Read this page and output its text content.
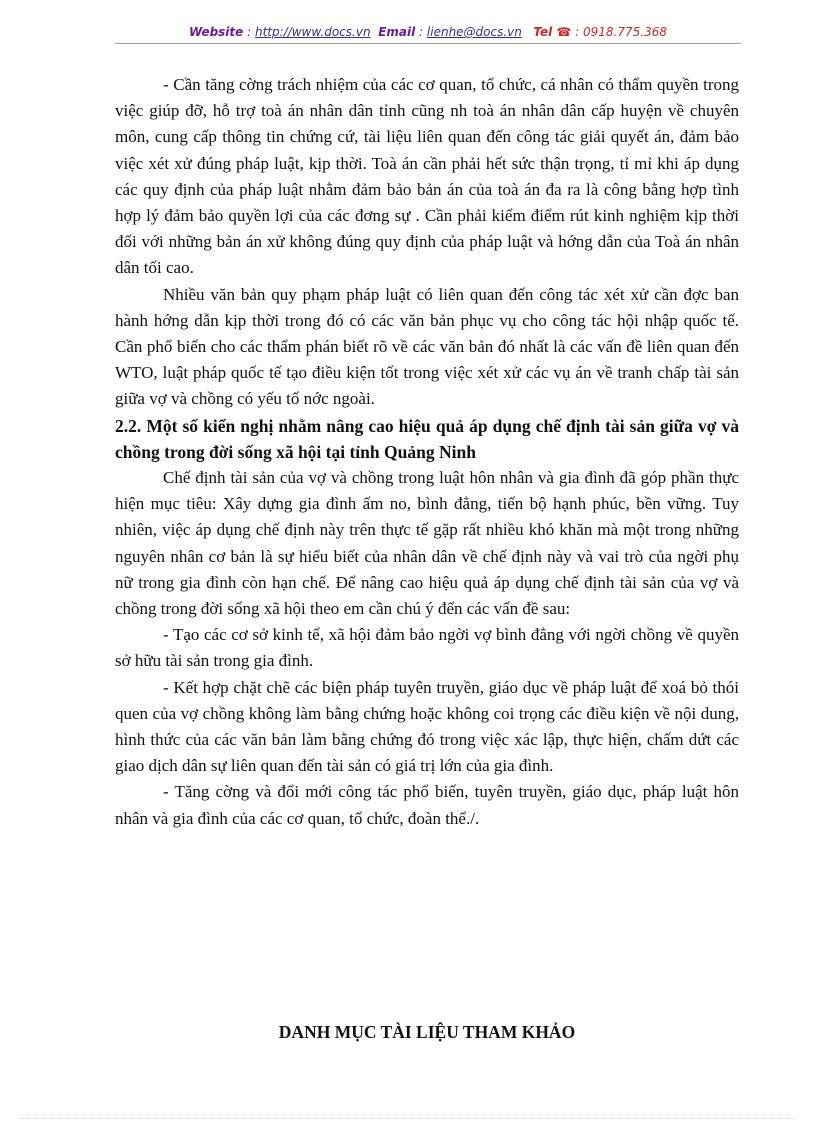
Website : http://www.docs.vn Email : lienhe@docs.vn Tel ☎ : 0918.775.368

- Cần tăng cờng trách nhiệm của các cơ quan, tổ chức, cá nhân có thẩm quyền trong việc giúp đỡ, hỗ trợ toà án nhân dân tỉnh cũng nh toà án nhân dân cấp huyện về chuyên môn, cung cấp thông tin chứng cứ, tài liệu liên quan đến công tác giải quyết án, đảm bảo việc xét xử đúng pháp luật, kịp thời. Toà án cần phải hết sức thận trọng, tỉ mỉ khi áp dụng các quy định của pháp luật nhằm đảm bảo bản án của toà án đa ra là công bằng hợp tình hợp lý đảm bảo quyền lợi của các đơng sự . Cần phải kiểm điểm rút kinh nghiệm kịp thời đối với những bản án xử không đúng quy định của pháp luật và hớng dẫn của Toà án nhân dân tối cao.

Nhiều văn bản quy phạm pháp luật có liên quan đến công tác xét xử cần đợc ban hành hớng dẫn kịp thời trong đó có các văn bản phục vụ cho công tác hội nhập quốc tế. Cần phổ biến cho các thẩm phán biết rõ về các văn bản đó nhất là các vấn đề liên quan đến WTO, luật pháp quốc tế tạo điều kiện tốt trong việc xét xử các vụ án về tranh chấp tài sản giữa vợ và chồng có yếu tố nớc ngoài.

2.2. Một số kiến nghị nhằm nâng cao hiệu quả áp dụng chế định tài sản giữa vợ và chồng trong đời sống xã hội tại tỉnh Quảng Ninh

Chế định tài sản của vợ và chồng trong luật hôn nhân và gia đình đã góp phần thực hiện mục tiêu: Xây dựng gia đình ấm no, bình đẳng, tiến bộ hạnh phúc, bền vững. Tuy nhiên, việc áp dụng chế định này trên thực tế gặp rất nhiều khó khăn mà một trong những nguyên nhân cơ bản là sự hiểu biết của nhân dân về chế định này và vai trò của ngời phụ nữ trong gia đình còn hạn chế. Để nâng cao hiệu quả áp dụng chế định tài sản của vợ và chồng trong đời sống xã hội theo em cần chú ý đến các vấn đề sau:

- Tạo các cơ sở kinh tế, xã hội đảm bảo ngời vợ bình đẳng với ngời chồng về quyền sở hữu tài sản trong gia đình.

- Kết hợp chặt chẽ các biện pháp tuyên truyền, giáo dục về pháp luật để xoá bỏ thói quen của vợ chồng không làm bằng chứng hoặc không coi trọng các điều kiện về nội dung, hình thức của các văn bản làm bằng chứng đó trong việc xác lập, thực hiện, chấm dứt các giao dịch dân sự liên quan đến tài sản có giá trị lớn của gia đình.

- Tăng cờng và đổi mới công tác phổ biến, tuyên truyền, giáo dục, pháp luật hôn nhân và gia đình của các cơ quan, tổ chức, đoàn thể./.

DANH MỤC TÀI LIỆU THAM KHẢO
